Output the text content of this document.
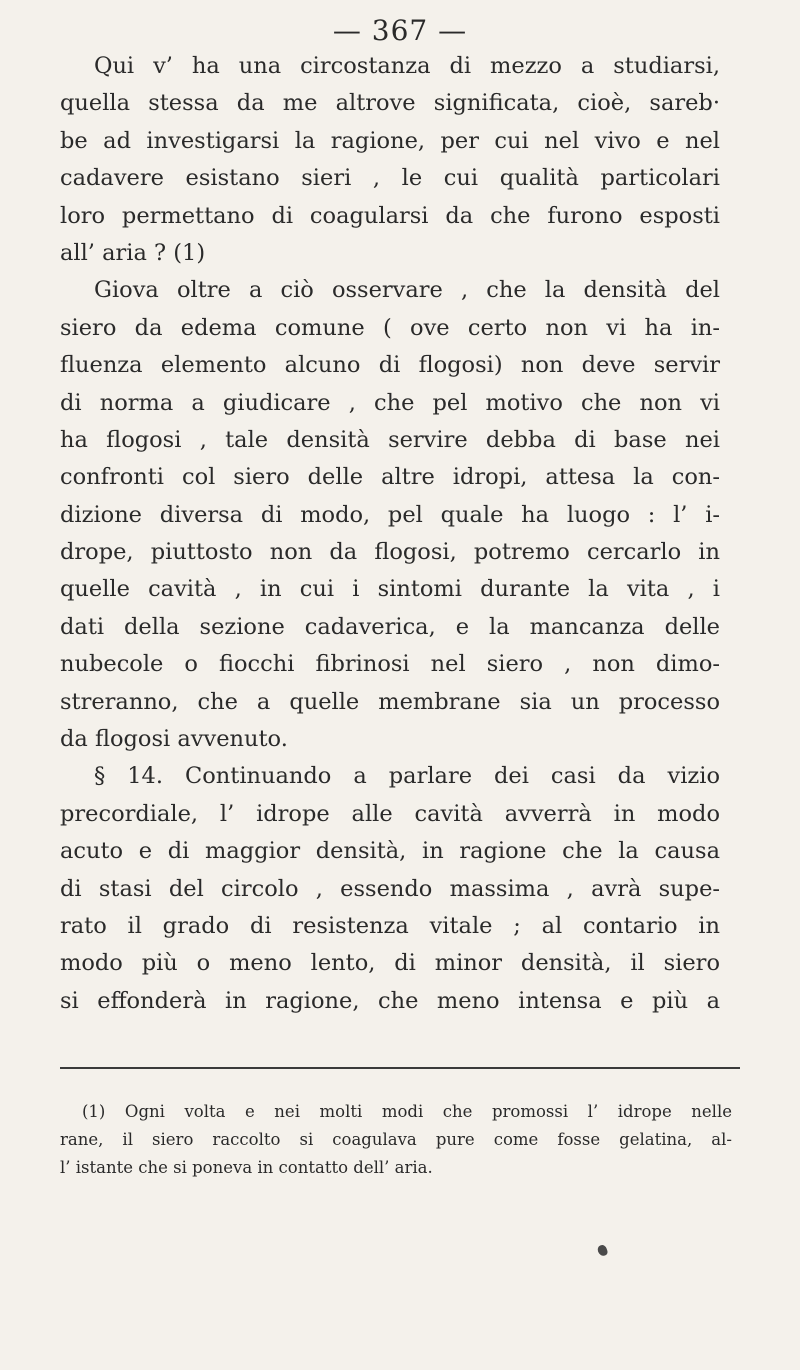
— 367 —
Qui v’ ha una circostanza di mezzo a studiarsi,
quella stessa da me altrove significata, cioè, sareb·
be ad investigarsi la ragione, per cui nel vivo e nel
cadavere esistano sieri , le cui qualità particolari
loro permettano di coagularsi da che furono esposti
all’ aria ? (1)
Giova oltre a ciò osservare , che la densità del
siero da edema comune ( ove certo non vi ha in-
fluenza elemento alcuno di flogosi) non deve servir
di norma a giudicare , che pel motivo che non vi
ha flogosi , tale densità servire debba di base nei
confronti col siero delle altre idropi, attesa la con-
dizione diversa di modo, pel quale ha luogo : l’ i-
drope, piuttosto non da flogosi, potremo cercarlo in
quelle cavità , in cui i sintomi durante la vita , i
dati della sezione cadaverica, e la mancanza delle
nubecole o fiocchi fibrinosi nel siero , non dimo-
streranno, che a quelle membrane sia un processo
da flogosi avvenuto.
§ 14. Continuando a parlare dei casi da vizio
precordiale, l’ idrope alle cavità avverrà in modo
acuto e di maggior densità, in ragione che la causa
di stasi del circolo , essendo massima , avrà supe-
rato il grado di resistenza vitale ; al contario in
modo più o meno lento, di minor densità, il siero
si effonderà in ragione, che meno intensa e più a
(1) Ogni volta e nei molti modi che promossi l’ idrope nelle
rane, il siero raccolto si coagulava pure come fosse gelatina, al-
l’ istante che si poneva in contatto dell’ aria.
